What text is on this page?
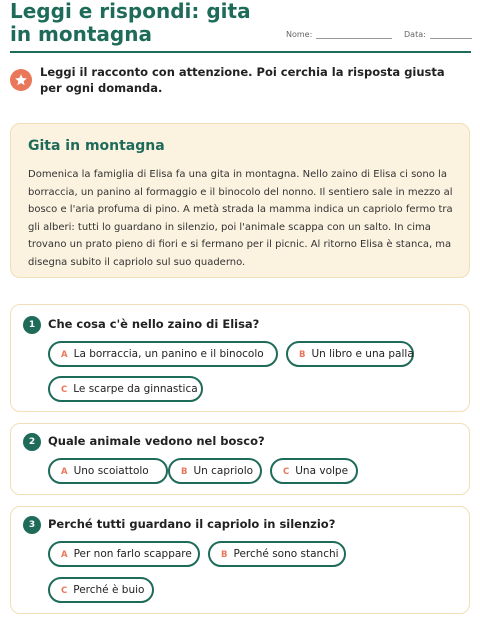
Leggi e rispondi: gita in montagna	Nome:	Data:
Leggi il racconto con attenzione. Poi cerchia la risposta giusta per ogni domanda.
Gita in montagna
Domenica la famiglia di Elisa fa una gita in montagna. Nello zaino di Elisa ci sono la borraccia, un panino al formaggio e il binocolo del nonno. Il sentiero sale in mezzo al bosco e l'aria profuma di pino. A metà strada la mamma indica un capriolo fermo tra gli alberi: tutti lo guardano in silenzio, poi l'animale scappa con un salto. In cima trovano un prato pieno di fiori e si fermano per il picnic. Al ritorno Elisa è stanca, ma disegna subito il capriolo sul suo quaderno.
1	Che cosa c'è nello zaino di Elisa?
A La borraccia, un panino e il binocolo	B Un libro e una palla
C Le scarpe da ginnastica
2	Quale animale vedono nel bosco?
A Uno scoiattolo	B Un capriolo	C Una volpe
3	Perché tutti guardano il capriolo in silenzio?
A Per non farlo scappare	B Perché sono stanchi
C Perché è buio
